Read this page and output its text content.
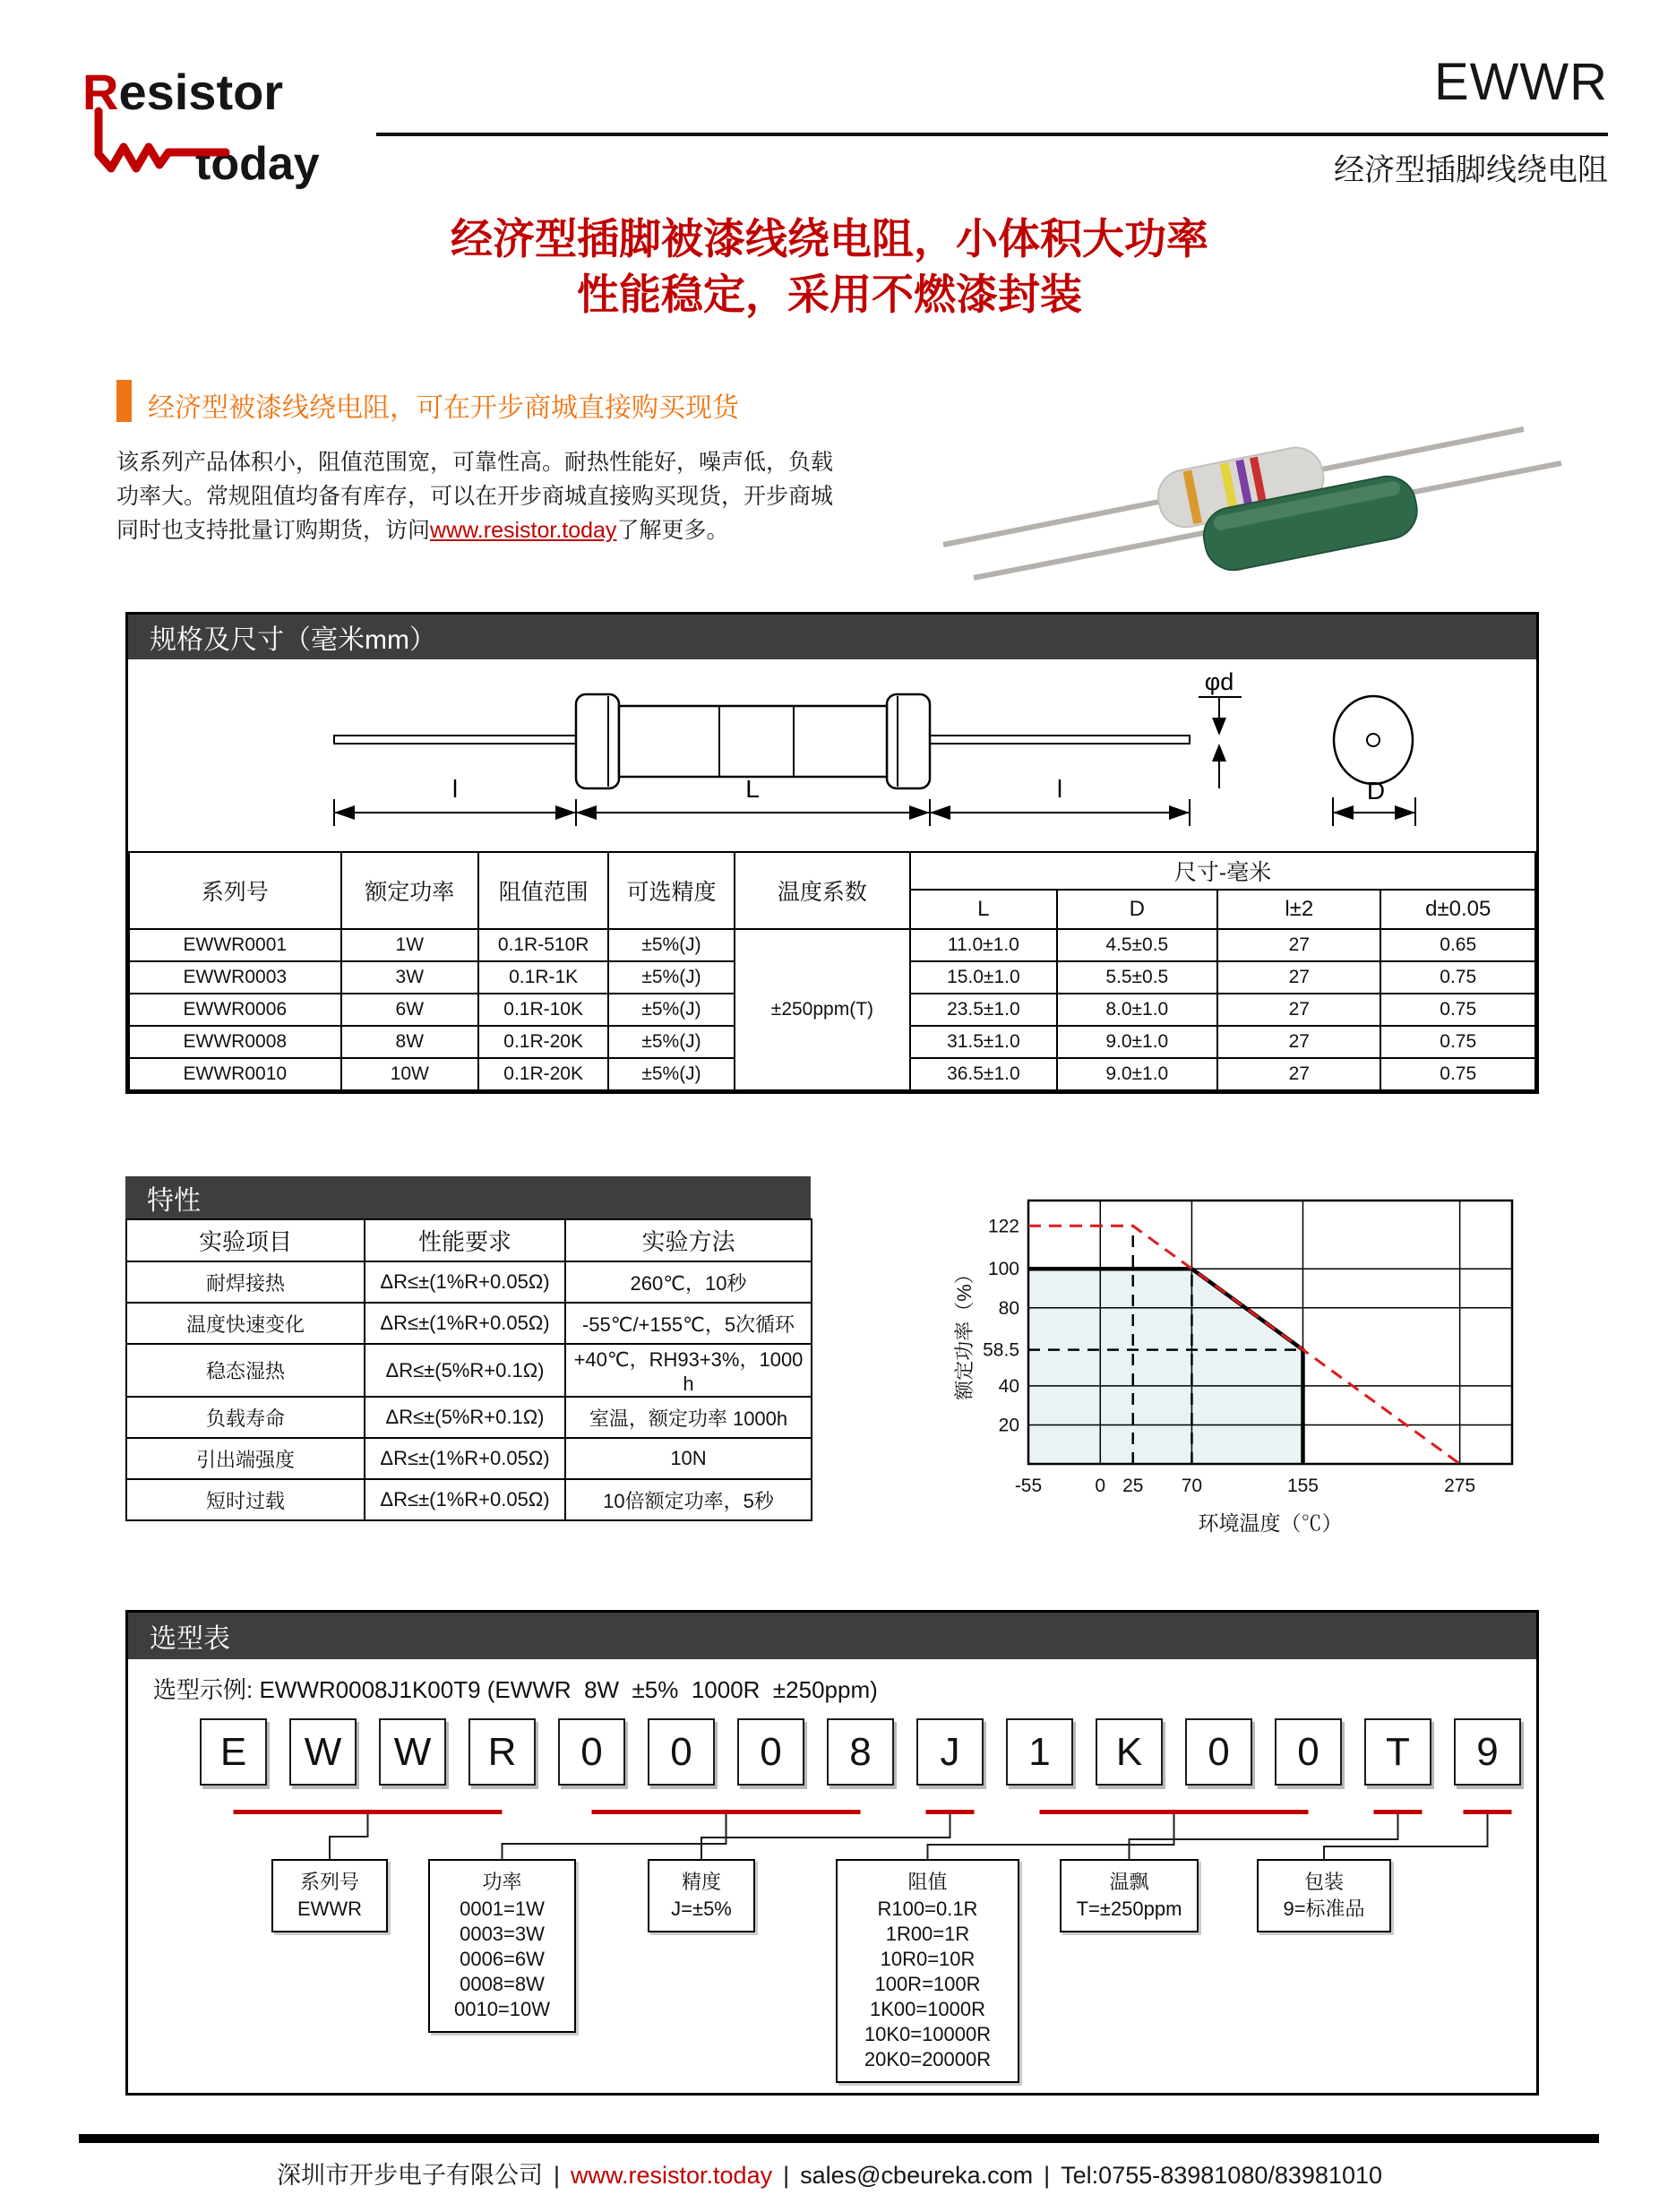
Resistor
today
EWWR
经济型插脚线绕电阻
经济型插脚被漆线绕电阻，小体积大功率
性能稳定，采用不燃漆封装
经济型被漆线绕电阻，可在开步商城直接购买现货
该系列产品体积小，阻值范围宽，可靠性高。耐热性能好，噪声低，负载功率大。常规阻值均备有库存，可以在开步商城直接购买现货，开步商城同时也支持批量订购期货，访问www.resistor.today了解更多。
规格及尺寸（毫米mm）
l	L	l
φd
D
系列号	额定功率	阻值范围	可选精度	温度系数	尺寸-毫米			
					L	D	l±2	d±0.05
EWWR0001	1W	0.1R-510R	±5%(J)	±250ppm(T)	11.0±1.0	4.5±0.5	27	0.65
EWWR0003	3W	0.1R-1K	±5%(J)		15.0±1.0	5.5±0.5	27	0.75
EWWR0006	6W	0.1R-10K	±5%(J)		23.5±1.0	8.0±1.0	27	0.75
EWWR0008	8W	0.1R-20K	±5%(J)		31.5±1.0	9.0±1.0	27	0.75
EWWR0010	10W	0.1R-20K	±5%(J)		36.5±1.0	9.0±1.0	27	0.75
特性
实验项目	性能要求	实验方法
耐焊接热	ΔR≤±(1%R+0.05Ω)	260℃，10秒
温度快速变化	ΔR≤±(1%R+0.05Ω)	-55℃/+155℃，5次循环
稳态湿热	ΔR≤±(5%R+0.1Ω)	+40℃，RH93+3%，1000 h
负载寿命	ΔR≤±(5%R+0.1Ω)	室温，额定功率 1000h
引出端强度	ΔR≤±(1%R+0.05Ω)	10N
短时过载	ΔR≤±(1%R+0.05Ω)	10倍额定功率，5秒
20
40
58.5
80
100
122
-55	0 25 70	155	275
额定功率（%）
环境温度（℃）
选型表
选型示例: EWWR0008J1K00T9 (EWWR  8W  ±5%  1000R  ±250ppm)
E	W	W	R	0	0	0	8	J	1	K	0	0	T	9
系列号
EWWR
功率
0001=1W
0003=3W
0006=6W
0008=8W
0010=10W
精度
J=±5%
阻值
R100=0.1R
1R00=1R
10R0=10R
100R=100R
1K00=1000R
10K0=10000R
20K0=20000R
温飘
T=±250ppm
包装
9=标准品
深圳市开步电子有限公司 | www.resistor.today | sales@cbeureka.com | Tel:0755-83981080/83981010
